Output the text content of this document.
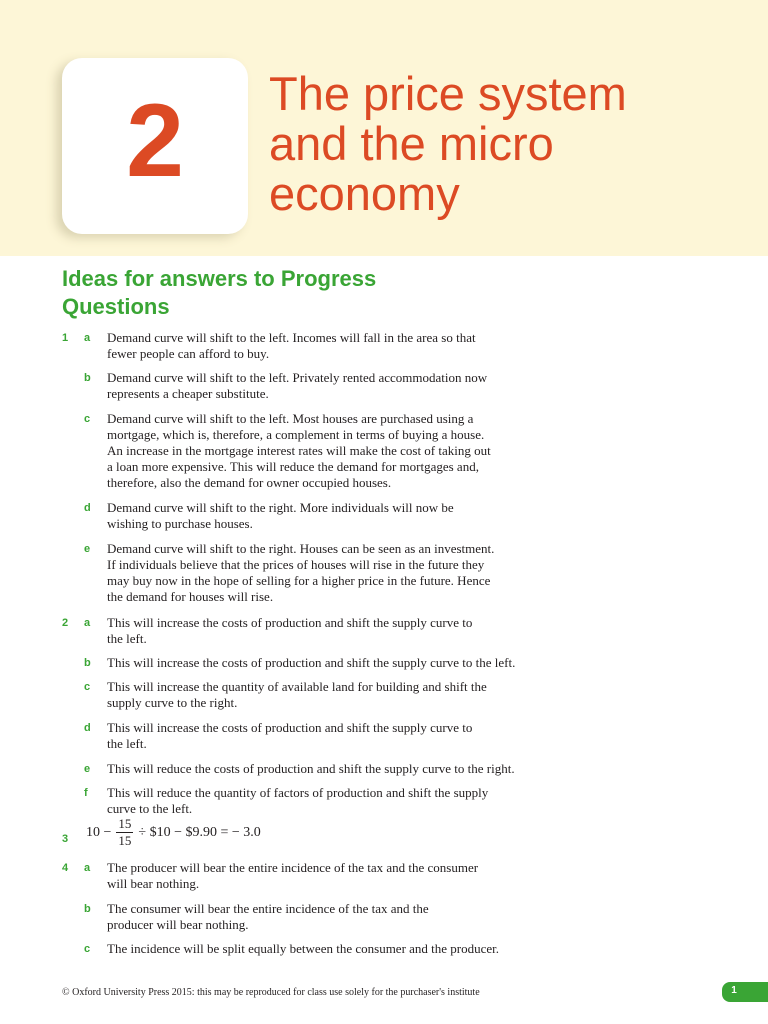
2	The price system
and the micro
economy
Ideas for answers to Progress
Questions
1 a Demand curve will shift to the left. Incomes will fall in the area so that
fewer people can afford to buy.
b Demand curve will shift to the left. Privately rented accommodation now
represents a cheaper substitute.
c Demand curve will shift to the left. Most houses are purchased using a
mortgage, which is, therefore, a complement in terms of buying a house.
An increase in the mortgage interest rates will make the cost of taking out
a loan more expensive. This will reduce the demand for mortgages and,
therefore, also the demand for owner occupied houses.
d Demand curve will shift to the right. More individuals will now be
wishing to purchase houses.
e Demand curve will shift to the right. Houses can be seen as an investment.
If individuals believe that the prices of houses will rise in the future they
may buy now in the hope of selling for a higher price in the future. Hence
the demand for houses will rise.
2 a This will increase the costs of production and shift the supply curve to
the left.
b This will increase the costs of production and shift the supply curve to the left.
c This will increase the quantity of available land for building and shift the
supply curve to the right.
d This will increase the costs of production and shift the supply curve to
the left.
e This will reduce the costs of production and shift the supply curve to the right.
f This will reduce the quantity of factors of production and shift the supply
curve to the left.
3 $10 - \frac{15}{15}$ ÷ $10 − $9.90 = − 3.0
4 a The producer will bear the entire incidence of the tax and the consumer
will bear nothing.
b The consumer will bear the entire incidence of the tax and the
producer will bear nothing.
c The incidence will be split equally between the consumer and the producer.
© Oxford University Press 2015: this may be reproduced for class use solely for the purchaser's institute	1
